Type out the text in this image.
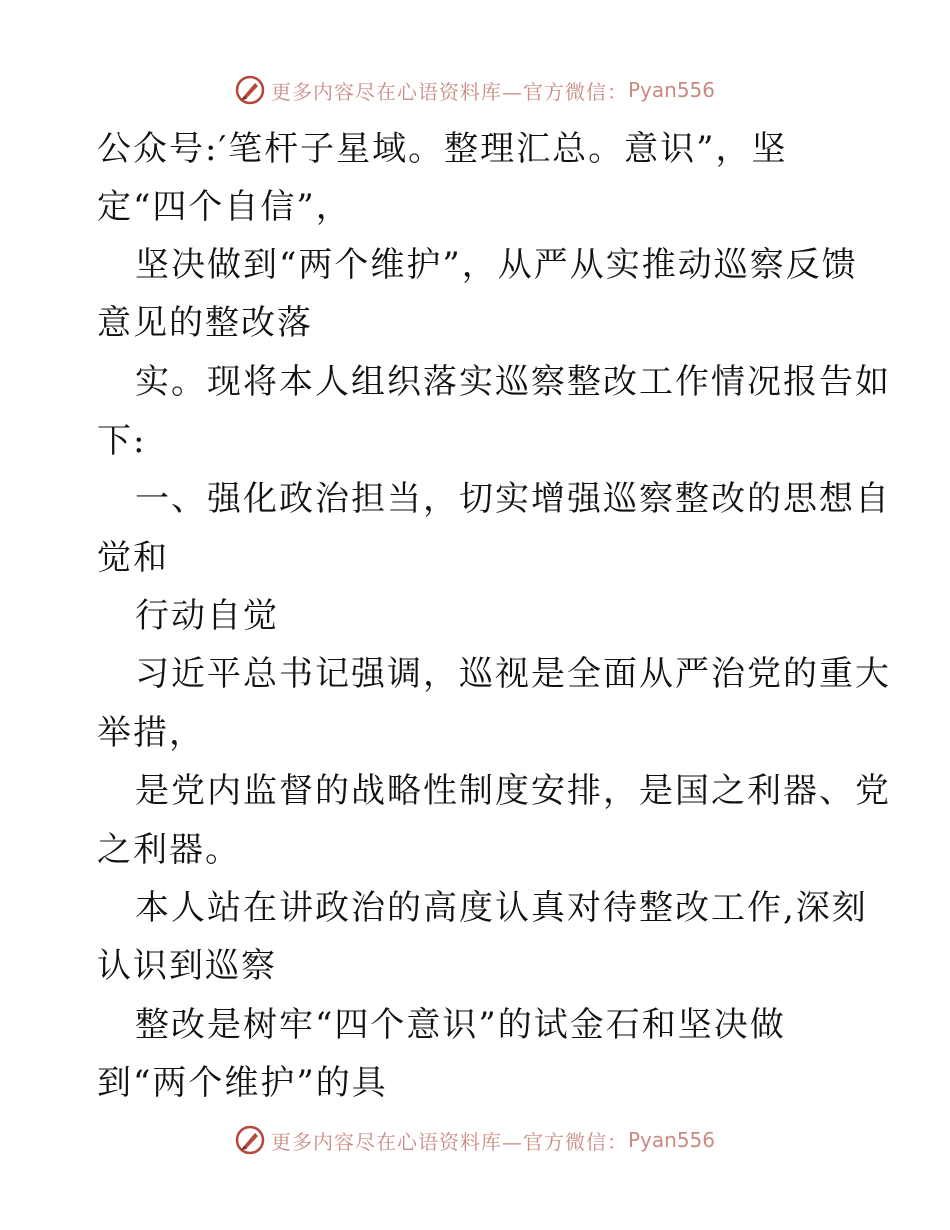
更多内容尽在心语资料库—官方微信： Pyan556
公众号:′笔杆子星域。整理汇总。意识”，坚
定“四个自信”，
坚决做到“两个维护”，从严从实推动巡察反馈
意见的整改落
实。现将本人组织落实巡察整改工作情况报告如
下:
一、强化政治担当，切实增强巡察整改的思想自
觉和
行动自觉
习近平总书记强调，巡视是全面从严治党的重大
举措，
是党内监督的战略性制度安排，是国之利器、党
之利器。
本人站在讲政治的高度认真对待整改工作,深刻
认识到巡察
整改是树牢“四个意识”的试金石和坚决做
到“两个维护”的具
更多内容尽在心语资料库—官方微信： Pyan556
